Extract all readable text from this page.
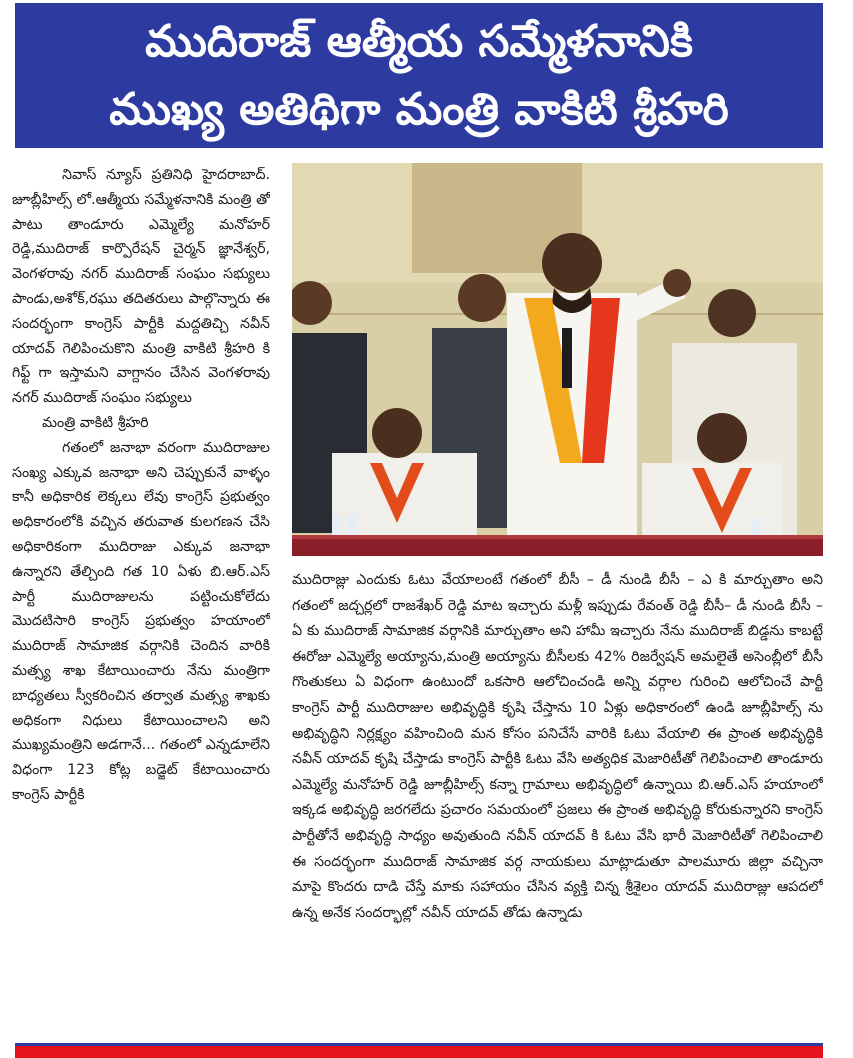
ముదిరాజ్ ఆత్మీయ సమ్మేళనానికి
ముఖ్య అతిథిగా మంత్రి వాకిటి శ్రీహరి

నివాస్ న్యూస్ ప్రతినిధి హైదరాబాద్. జూబ్లీహిల్స్ లో.ఆత్మీయ సమ్మేళనానికి మంత్రి తో పాటు తాండూరు ఎమ్మెల్యే మనోహర్ రెడ్డి,ముదిరాజ్ కార్పొరేషన్ చైర్మన్ జ్ఞానేశ్వర్, వెంగళరావు నగర్ ముదిరాజ్ సంఘం సభ్యులు పాండు,అశోక్,రఘు తదితరులు పాల్గొన్నారు ఈ సందర్భంగా కాంగ్రెస్ పార్టీకి మద్దతిచ్చి నవీన్ యాదవ్ గెలిపించుకొని మంత్రి వాకిటి శ్రీహరి కి గిఫ్ట్ గా ఇస్తామని వాగ్దానం చేసిన వెంగళరావు నగర్ ముదిరాజ్ సంఘం సభ్యులు

మంత్రి వాకిటి శ్రీహరి

గతంలో జనాభా వరంగా ముదిరాజుల సంఖ్య ఎక్కువ జనాభా అని చెప్పుకునే వాళ్ళం కానీ అధికారిక లెక్కలు లేవు కాంగ్రెస్ ప్రభుత్వం అధికారంలోకి వచ్చిన తరువాత కులగణన చేసి అధికారికంగా ముదిరాజు ఎక్కువ జనాభా ఉన్నారని తేల్చింది గత 10 ఏళు బి.ఆర్.ఎస్ పార్టీ ముదిరాజులను పట్టించుకోలేదు మొదటిసారి కాంగ్రెస్ ప్రభుత్వం హయాంలో ముదిరాజ్ సామాజిక వర్గానికి చెందిన వారికి మత్స్య శాఖ కేటాయించారు నేను మంత్రిగా బాధ్యతలు స్వీకరించిన తర్వాత మత్స్య శాఖకు అధికంగా నిధులు కేటాయించాలని అని ముఖ్యమంత్రిని అడగానే... గతంలో ఎన్నడూలేని విధంగా 123 కోట్ల బడ్జెట్ కేటాయించారు కాంగ్రెస్ పార్టీకి

ముదిరాజ్లు ఎందుకు ఓటు వేయాలంటే గతంలో బీసీ – డీ నుండి బీసీ – ఎ కి మార్చుతాం అని గతంలో జద్చర్లలో రాజశేఖర్ రెడ్డి మాట ఇచ్చారు మళ్లీ ఇప్పుడు రేవంత్ రెడ్డి బీసీ– డీ నుండి బీసీ – ఏ కు ముదిరాజ్ సామాజిక వర్గానికి మార్చుతాం అని హామీ ఇచ్చారు నేను ముదిరాజ్ బిడ్డను కాబట్టే ఈరోజు ఎమ్మెల్యే అయ్యాను,మంత్రి అయ్యాను బీసీలకు 42% రిజర్వేషన్ అమలైతే అసెంబ్లీలో బీసీ గొంతుకలు ఏ విధంగా ఉంటుందో ఒకసారి ఆలోచించండి అన్ని వర్గాల గురించి ఆలోచించే పార్టీ కాంగ్రెస్ పార్టీ ముదిరాజుల అభివృద్ధికి కృషి చేస్తాను 10 ఏళ్లు అధికారంలో ఉండి జూబ్లీహిల్స్ ను అభివృద్ధిని నిర్లక్ష్యం వహించింది మన కోసం పనిచేసే వారికి ఓటు వేయాలి ఈ ప్రాంత అభివృద్ధికి నవీన్ యాదవ్ కృషి చేస్తాడు కాంగ్రెస్ పార్టీకి ఓటు వేసి అత్యధిక మెజారిటీతో గెలిపించాలి తాండూరు ఎమ్మెల్యే మనోహర్ రెడ్డి జూబ్లీహిల్స్ కన్నా గ్రామాలు అభివృద్ధిలో ఉన్నాయి బి.ఆర్.ఎస్ హయాంలో ఇక్కడ అభివృద్ధి జరగలేదు ప్రచారం సమయంలో ప్రజలు ఈ ప్రాంత అభివృద్ధి కోరుకున్నారని కాంగ్రెస్ పార్టీతోనే అభివృద్ధి సాధ్యం అవుతుంది నవీన్ యాదవ్ కి ఓటు వేసి భారీ మెజారిటీతో గెలిపించాలి ఈ సందర్భంగా ముదిరాజ్ సామాజిక వర్గ నాయకులు మాట్లాడుతూ పాలమూరు జిల్లా వచ్చినా మాపై కొందరు దాడి చేస్తే మాకు సహాయం చేసిన వ్యక్తి చిన్న శ్రీశైలం యాదవ్ ముదిరాజ్లు ఆపదలో ఉన్న అనేక సందర్భాల్లో నవీన్ యాదవ్ తోడు ఉన్నాడు
